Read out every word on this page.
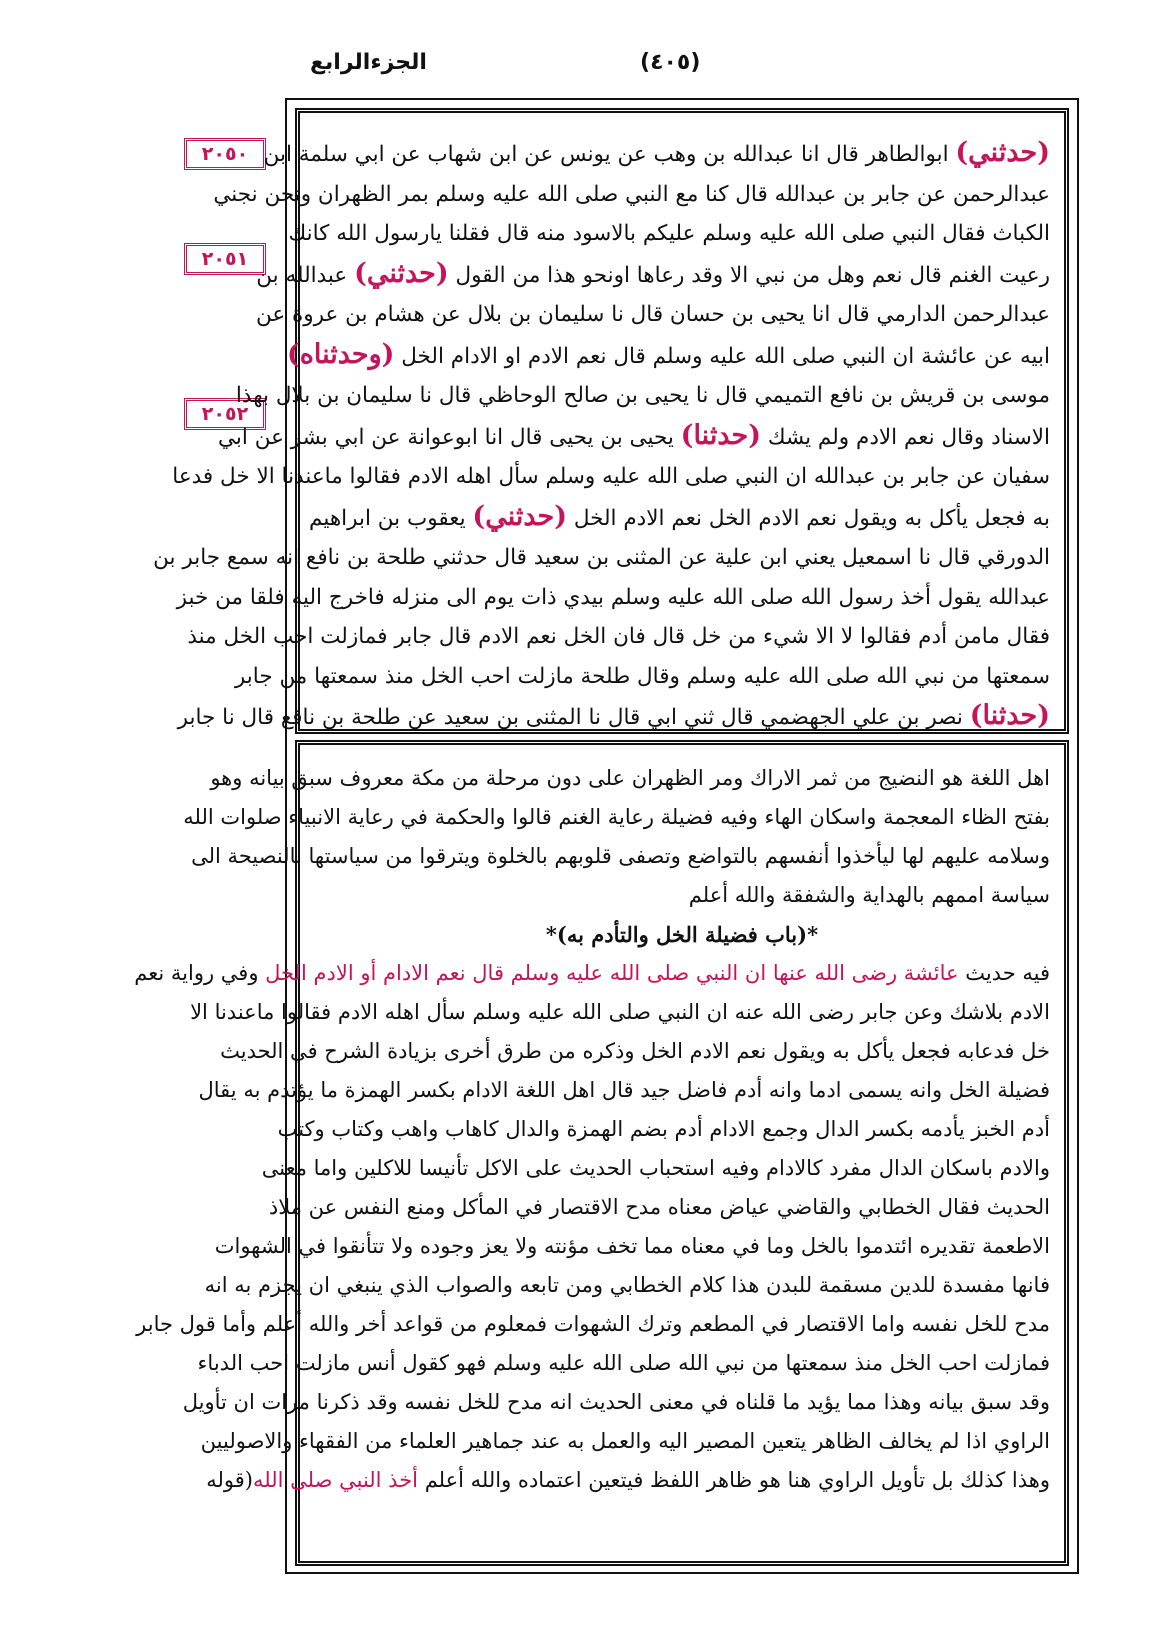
الجزءالرابع	(٤٠٥)
٢٠٥٠
٢٠٥١
٢٠٥٢
(حدثني) ابوالطاهر قال انا عبدالله بن وهب عن يونس عن ابن شهاب عن ابي سلمة ابن
عبدالرحمن عن جابر بن عبدالله قال كنا مع النبي صلى الله عليه وسلم بمر الظهران ونحن نجني
الكباث فقال النبي صلى الله عليه وسلم عليكم بالاسود منه قال فقلنا يارسول الله كانك
رعيت الغنم قال نعم وهل من نبي الا وقد رعاها اونحو هذا من القول (حدثني) عبدالله بن
عبدالرحمن الدارمي قال انا يحيى بن حسان قال نا سليمان بن بلال عن هشام بن عروة عن
ابيه عن عائشة ان النبي صلى الله عليه وسلم قال نعم الادم او الادام الخل (وحدثناه)
موسى بن قريش بن نافع التميمي قال نا يحيى بن صالح الوحاظي قال نا سليمان بن بلال بهذا
الاسناد وقال نعم الادم ولم يشك (حدثنا) يحيى بن يحيى قال انا ابوعوانة عن ابي بشر عن ابي
سفيان عن جابر بن عبدالله ان النبي صلى الله عليه وسلم سأل اهله الادم فقالوا ماعندنا الا خل فدعا
به فجعل يأكل به ويقول نعم الادم الخل نعم الادم الخل (حدثني) يعقوب بن ابراهيم
الدورقي قال نا اسمعيل يعني ابن علية عن المثنى بن سعيد قال حدثني طلحة بن نافع انه سمع جابر بن
عبدالله يقول أخذ رسول الله صلى الله عليه وسلم بيدي ذات يوم الى منزله فاخرج اليه فلقا من خبز
فقال مامن أدم فقالوا لا الا شيء من خل قال فان الخل نعم الادم قال جابر فمازلت احب الخل منذ
سمعتها من نبي الله صلى الله عليه وسلم وقال طلحة مازلت احب الخل منذ سمعتها من جابر
(حدثنا) نصر بن علي الجهضمي قال ثني ابي قال نا المثنى بن سعيد عن طلحة بن نافع قال نا جابر
اهل اللغة هو النضيج من ثمر الاراك ومر الظهران على دون مرحلة من مكة معروف سبق بيانه وهو
بفتح الظاء المعجمة واسكان الهاء وفيه فضيلة رعاية الغنم قالوا والحكمة في رعاية الانبياء صلوات الله
وسلامه عليهم لها ليأخذوا أنفسهم بالتواضع وتصفى قلوبهم بالخلوة ويترقوا من سياستها بالنصيحة الى
سياسة اممهم بالهداية والشفقة والله أعلم
*(باب فضيلة الخل والتأدم به)*
فيه حديث عائشة رضى الله عنها ان النبي صلى الله عليه وسلم قال نعم الادام أو الادم الخل وفي رواية نعم
الادم بلاشك وعن جابر رضى الله عنه ان النبي صلى الله عليه وسلم سأل اهله الادم فقالوا ماعندنا الا
خل فدعابه فجعل يأكل به ويقول نعم الادم الخل وذكره من طرق أخرى بزيادة الشرح في الحديث
فضيلة الخل وانه يسمى ادما وانه أدم فاضل جيد قال اهل اللغة الادام بكسر الهمزة ما يؤتدم به يقال
أدم الخبز يأدمه بكسر الدال وجمع الادام أدم بضم الهمزة والدال كاهاب واهب وكتاب وكتب
والادم باسكان الدال مفرد كالادام وفيه استحباب الحديث على الاكل تأنيسا للاكلين واما معنى
الحديث فقال الخطابي والقاضي عياض معناه مدح الاقتصار في المأكل ومنع النفس عن ملاذ
الاطعمة تقديره ائتدموا بالخل وما في معناه مما تخف مؤنته ولا يعز وجوده ولا تتأنقوا في الشهوات
فانها مفسدة للدين مسقمة للبدن هذا كلام الخطابي ومن تابعه والصواب الذي ينبغي ان يجزم به انه
مدح للخل نفسه واما الاقتصار في المطعم وترك الشهوات فمعلوم من قواعد أخر والله أعلم وأما قول جابر
فمازلت احب الخل منذ سمعتها من نبي الله صلى الله عليه وسلم فهو كقول أنس مازلت احب الدباء
وقد سبق بيانه وهذا مما يؤيد ما قلناه في معنى الحديث انه مدح للخل نفسه وقد ذكرنا مرات ان تأويل
الراوي اذا لم يخالف الظاهر يتعين المصير اليه والعمل به عند جماهير العلماء من الفقهاء والاصوليين
وهذا كذلك بل تأويل الراوي هنا هو ظاهر اللفظ فيتعين اعتماده والله أعلم أخذ النبي صلى الله(قوله
